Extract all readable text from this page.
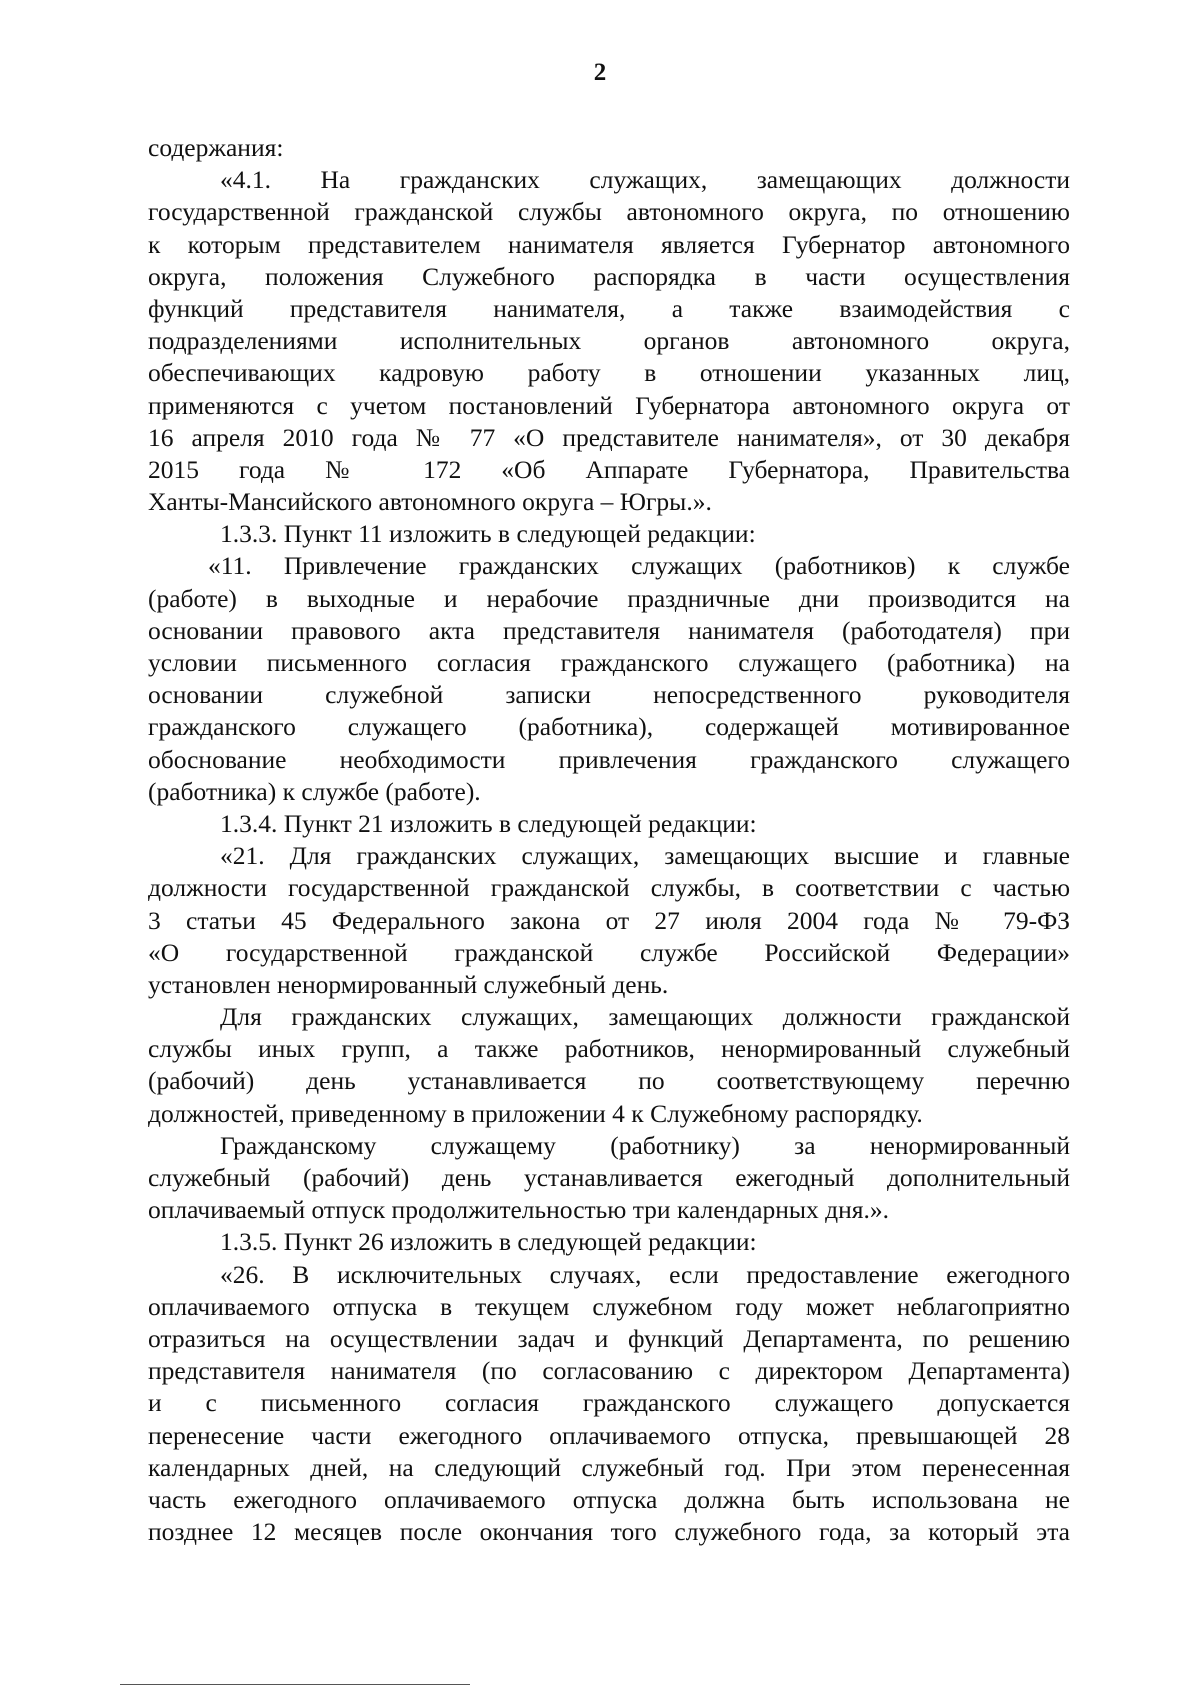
2
содержания:
«4.1. На гражданских служащих, замещающих должности
государственной гражданской службы автономного округа, по отношению
к которым представителем нанимателя является Губернатор автономного
округа, положения Служебного распорядка в части осуществления
функций представителя нанимателя, а также взаимодействия с
подразделениями исполнительных органов автономного округа,
обеспечивающих кадровую работу в отношении указанных лиц,
применяются с учетом постановлений Губернатора автономного округа от
16 апреля 2010 года № 77 «О представителе нанимателя», от 30 декабря
2015 года № 172 «Об Аппарате Губернатора, Правительства
Ханты-Мансийского автономного округа – Югры.».
1.3.3. Пункт 11 изложить в следующей редакции:
«11. Привлечение гражданских служащих (работников) к службе
(работе) в выходные и нерабочие праздничные дни производится на
основании правового акта представителя нанимателя (работодателя) при
условии письменного согласия гражданского служащего (работника) на
основании служебной записки непосредственного руководителя
гражданского служащего (работника), содержащей мотивированное
обоснование необходимости привлечения гражданского служащего
(работника) к службе (работе).
1.3.4. Пункт 21 изложить в следующей редакции:
«21. Для гражданских служащих, замещающих высшие и главные
должности государственной гражданской службы, в соответствии с частью
3 статьи 45 Федерального закона от 27 июля 2004 года № 79-ФЗ
«О государственной гражданской службе Российской Федерации»
установлен ненормированный служебный день.
Для гражданских служащих, замещающих должности гражданской
службы иных групп, а также работников, ненормированный служебный
(рабочий) день устанавливается по соответствующему перечню
должностей, приведенному в приложении 4 к Служебному распорядку.
Гражданскому служащему (работнику) за ненормированный
служебный (рабочий) день устанавливается ежегодный дополнительный
оплачиваемый отпуск продолжительностью три календарных дня.».
1.3.5. Пункт 26 изложить в следующей редакции:
«26. В исключительных случаях, если предоставление ежегодного
оплачиваемого отпуска в текущем служебном году может неблагоприятно
отразиться на осуществлении задач и функций Департамента, по решению
представителя нанимателя (по согласованию с директором Департамента)
и с письменного согласия гражданского служащего допускается
перенесение части ежегодного оплачиваемого отпуска, превышающей 28
календарных дней, на следующий служебный год. При этом перенесенная
часть ежегодного оплачиваемого отпуска должна быть использована не
позднее 12 месяцев после окончания того служебного года, за который эта
